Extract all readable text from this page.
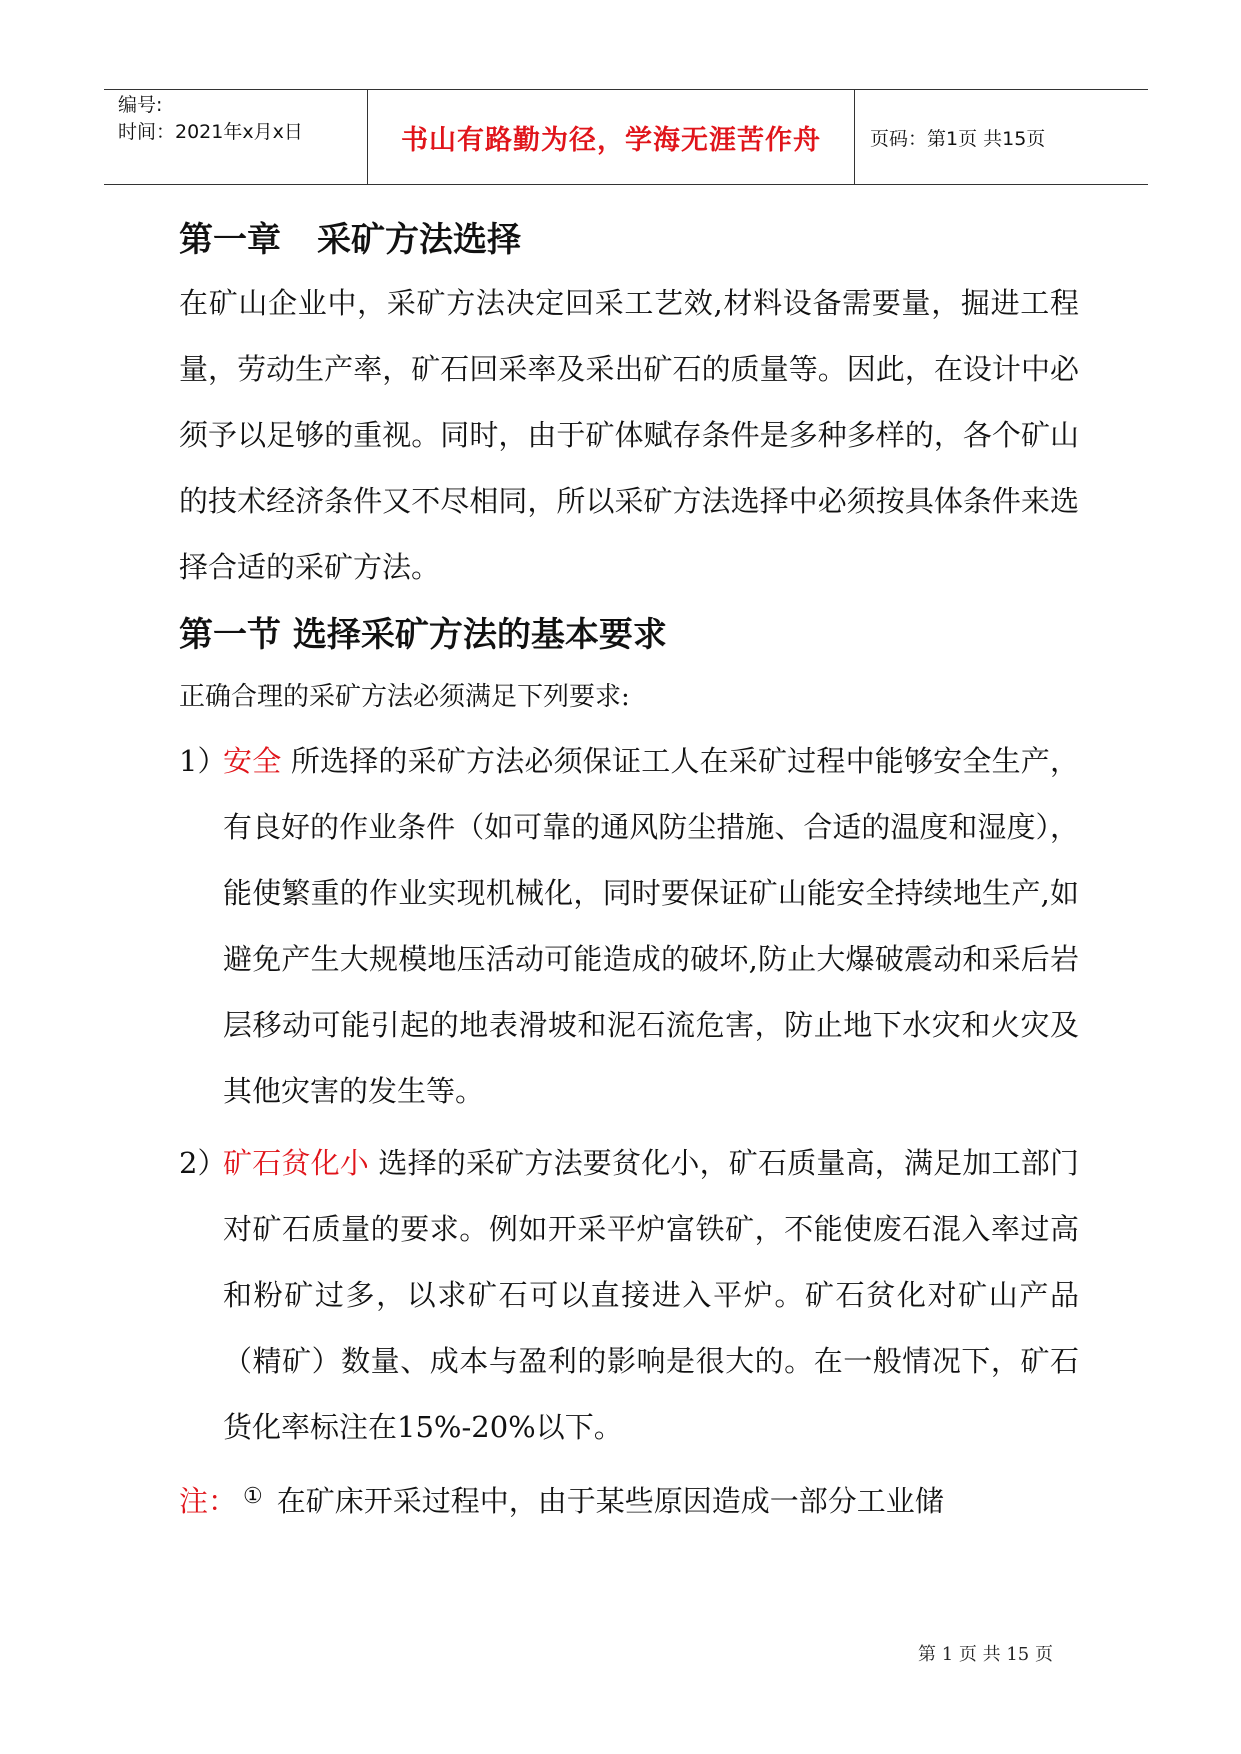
编号:
时间：2021年x月x日	书山有路勤为径，学海无涯苦作舟	页码：第1页 共15页
第一章 采矿方法选择

在矿山企业中，采矿方法决定回采工艺效,材料设备需要量，掘进工程量，劳动生产率，矿石回采率及采出矿石的质量等。因此，在设计中必须予以足够的重视。同时，由于矿体赋存条件是多种多样的，各个矿山的技术经济条件又不尽相同，所以采矿方法选择中必须按具体条件来选择合适的采矿方法。

第一节 选择采矿方法的基本要求

正确合理的采矿方法必须满足下列要求:

1）
安全 所选择的采矿方法必须保证工人在采矿过程中能够安全生产，有良好的作业条件（如可靠的通风防尘措施、合适的温度和湿度），能使繁重的作业实现机械化，同时要保证矿山能安全持续地生产,如避免产生大规模地压活动可能造成的破坏,防止大爆破震动和采后岩层移动可能引起的地表滑坡和泥石流危害，防止地下水灾和火灾及其他灾害的发生等。

2）
矿石贫化小 选择的采矿方法要贫化小，矿石质量高，满足加工部门对矿石质量的要求。例如开采平炉富铁矿，不能使废石混入率过高和粉矿过多，以求矿石可以直接进入平炉。矿石贫化对矿山产品（精矿）数量、成本与盈利的影响是很大的。在一般情况下，矿石货化率标注在15%-20%以下。

注： ① 在矿床开采过程中，由于某些原因造成一部分工业储

第 1 页 共 15 页
